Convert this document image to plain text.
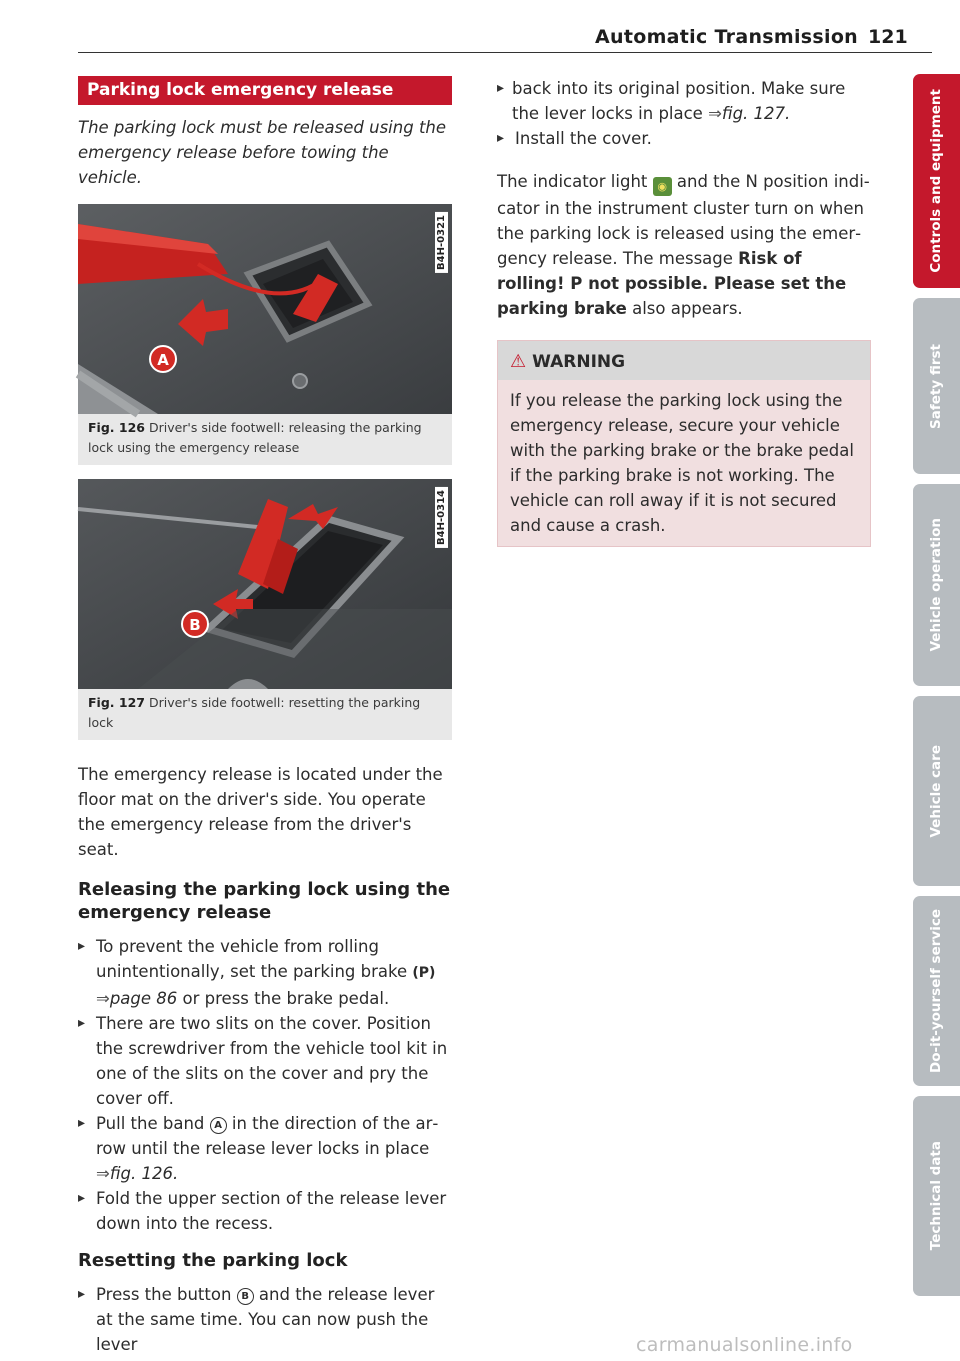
Automatic Transmission 121
Parking lock emergency release

The parking lock must be released using the emergency release before towing the vehicle.

A
B4H-0321
Fig. 126 Driver's side footwell: releasing the parking lock using the emergency release
B
B4H-0314
Fig. 127 Driver's side footwell: resetting the parking lock

The emergency release is located under the floor mat on the driver's side. You operate the emergency release from the driver's seat.

Releasing the parking lock using the emergency release
▸ To prevent the vehicle from rolling unintentionally, set the parking brake (P) ⇒page 86 or press the brake pedal.
▸ There are two slits on the cover. Position the screwdriver from the vehicle tool kit in one of the slits on the cover and pry the cover off.
▸ Pull the band A in the direction of the arrow until the release lever locks in place ⇒fig. 126.
▸ Fold the upper section of the release lever down into the recess.
Resetting the parking lock
▸ Press the button B and the release lever at the same time. You can now push the lever
▸ back into its original position. Make sure the lever locks in place ⇒fig. 127.
▸ Install the cover.

The indicator light ◉ and the N position indicator in the instrument cluster turn on when the parking lock is released using the emergency release. The message Risk of rolling! P not possible. Please set the parking brake also appears.

⚠ WARNING
If you release the parking lock using the emergency release, secure your vehicle with the parking brake or the brake pedal if the parking brake is not working. The vehicle can roll away if it is not secured and cause a crash.
Controls and equipment
Safety first
Vehicle operation
Vehicle care
Do-it-yourself service
Technical data
carmanualsonline.info
